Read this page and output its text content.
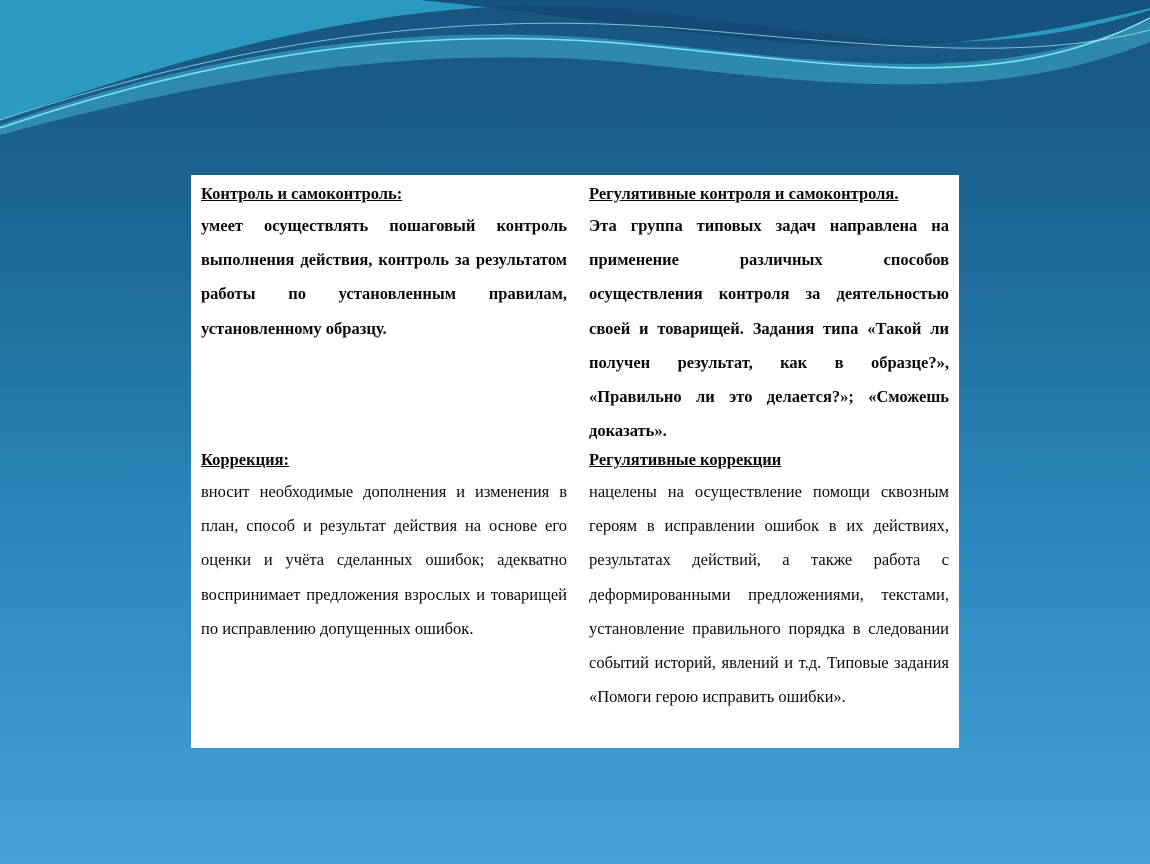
Контроль и самоконтроль:
умеет осуществлять пошаговый контроль выполнения действия, контроль за результатом работы по установленным правилам, установленному образцу.
Регулятивные контроля и самоконтроля.
Эта группа типовых задач направлена на применение различных способов осуществления контроля за деятельностью своей и товарищей. Задания типа «Такой ли получен результат, как в образце?», «Правильно ли это делается?»; «Сможешь доказать».
Коррекция:
вносит необходимые дополнения и изменения в план, способ и результат действия на основе его оценки и учёта сделанных ошибок; адекватно воспринимает предложения взрослых и товарищей по исправлению допущенных ошибок.
Регулятивные коррекции
нацелены на осуществление помощи сквозным героям в исправлении ошибок в их действиях, результатах действий, а также работа с деформированными предложениями, текстами, установление правильного порядка в следовании событий историй, явлений и т.д. Типовые задания «Помоги герою исправить ошибки».
